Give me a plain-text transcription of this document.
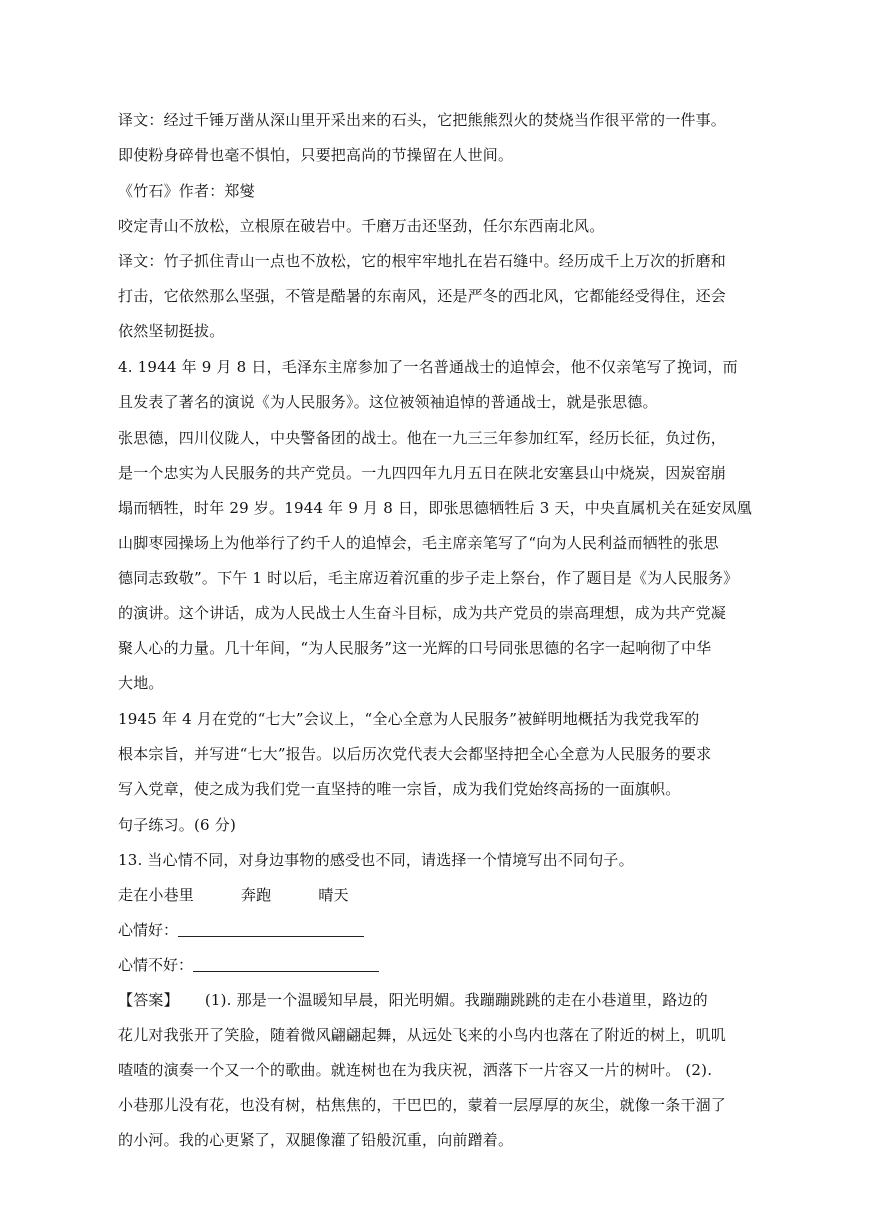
译文：经过千锤万凿从深山里开采出来的石头，它把熊熊烈火的焚烧当作很平常的一件事。
即使粉身碎骨也毫不惧怕，只要把高尚的节操留在人世间。

《竹石》作者：郑燮

咬定青山不放松，立根原在破岩中。千磨万击还坚劲，任尔东西南北风。

译文：竹子抓住青山一点也不放松，它的根牢牢地扎在岩石缝中。经历成千上万次的折磨和
打击，它依然那么坚强，不管是酷暑的东南风，还是严冬的西北风，它都能经受得住，还会
依然坚韧挺拔。

4. 1944 年 9 月 8 日，毛泽东主席参加了一名普通战士的追悼会，他不仅亲笔写了挽词，而
且发表了著名的演说《为人民服务》。这位被领袖追悼的普通战士，就是张思德。

张思德，四川仪陇人，中央警备团的战士。他在一九三三年参加红军，经历长征，负过伤，
是一个忠实为人民服务的共产党员。一九四四年九月五日在陕北安塞县山中烧炭，因炭窑崩
塌而牺牲，时年 29 岁。1944 年 9 月 8 日，即张思德牺牲后 3 天，中央直属机关在延安凤凰
山脚枣园操场上为他举行了约千人的追悼会，毛主席亲笔写了“向为人民利益而牺牲的张思
德同志致敬”。下午 1 时以后，毛主席迈着沉重的步子走上祭台，作了题目是《为人民服务》
的演讲。这个讲话，成为人民战士人生奋斗目标，成为共产党员的崇高理想，成为共产党凝
聚人心的力量。几十年间，“为人民服务”这一光辉的口号同张思德的名字一起响彻了中华
大地。

1945 年 4 月在党的“七大”会议上，“全心全意为人民服务”被鲜明地概括为我党我军的
根本宗旨，并写进“七大”报告。以后历次党代表大会都坚持把全心全意为人民服务的要求
写入党章，使之成为我们党一直坚持的唯一宗旨，成为我们党始终高扬的一面旗帜。

句子练习。(6 分)

13. 当心情不同，对身边事物的感受也不同，请选择一个情境写出不同句子。

走在小巷里	奔跑	晴天

心情好：
心情不好：

【答案】 (1). 那是一个温暖知早晨，阳光明媚。我蹦蹦跳跳的走在小巷道里，路边的
花儿对我张开了笑脸，随着微风翩翩起舞，从远处飞来的小鸟内也落在了附近的树上，叽叽
喳喳的演奏一个又一个的歌曲。就连树也在为我庆祝，洒落下一片容又一片的树叶。 (2).
小巷那儿没有花，也没有树，枯焦焦的，干巴巴的，蒙着一层厚厚的灰尘，就像一条干涸了
的小河。我的心更紧了，双腿像灌了铅般沉重，向前蹭着。
